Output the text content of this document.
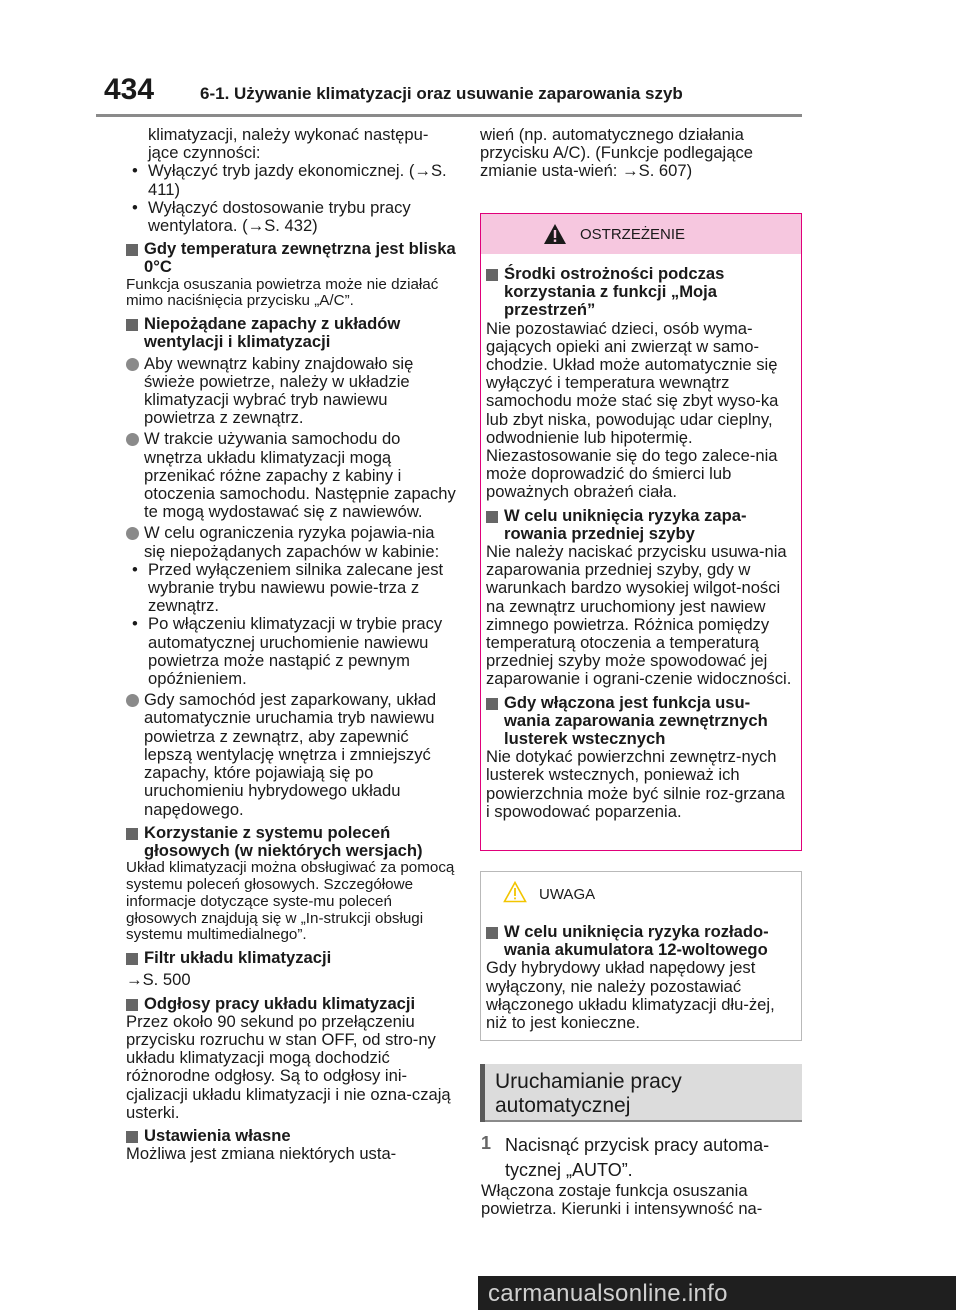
434	6-1. Używanie klimatyzacji oraz usuwanie zaparowania szyb

klimatyzacji, należy wykonać następu-jące czynności:

• Wyłączyć tryb jazdy ekonomicznej. (→S. 411)

• Wyłączyć dostosowanie trybu pracy wentylatora. (→S. 432)

Gdy temperatura zewnętrzna jest bliska 0°C

Funkcja osuszania powietrza może nie działać mimo naciśnięcia przycisku „A/C”.

Niepożądane zapachy z układów wentylacji i klimatyzacji

Aby wewnątrz kabiny znajdowało się świeże powietrze, należy w układzie klimatyzacji wybrać tryb nawiewu powietrza z zewnątrz.

W trakcie używania samochodu do wnętrza układu klimatyzacji mogą przenikać różne zapachy z kabiny i otoczenia samochodu. Następnie zapachy te mogą wydostawać się z nawiewów.

W celu ograniczenia ryzyka pojawia-nia się niepożądanych zapachów w kabinie:

• Przed wyłączeniem silnika zalecane jest wybranie trybu nawiewu powie-trza z zewnątrz.

• Po włączeniu klimatyzacji w trybie pracy automatycznej uruchomienie nawiewu powietrza może nastąpić z pewnym opóźnieniem.

Gdy samochód jest zaparkowany, układ automatycznie uruchamia tryb nawiewu powietrza z zewnątrz, aby zapewnić lepszą wentylację wnętrza i zmniejszyć zapachy, które pojawiają się po uruchomieniu hybrydowego układu napędowego.

Korzystanie z systemu poleceń głosowych (w niektórych wersjach)

Układ klimatyzacji można obsługiwać za pomocą systemu poleceń głosowych. Szczegółowe informacje dotyczące syste-mu poleceń głosowych znajdują się w „In-strukcji obsługi systemu multimedialnego”.

Filtr układu klimatyzacji

→S. 500

Odgłosy pracy układu klimatyzacji

Przez około 90 sekund po przełączeniu przycisku rozruchu w stan OFF, od stro-ny układu klimatyzacji mogą dochodzić różnorodne odgłosy. Są to odgłosy ini-cjalizacji układu klimatyzacji i nie ozna-czają usterki.

Ustawienia własne

Możliwa jest zmiana niektórych usta-

wień (np. automatycznego działania przycisku A/C). (Funkcje podlegające zmianie usta-wień: →S. 607)

OSTRZEŻENIE

Środki ostrożności podczas korzystania z funkcji „Moja przestrzeń”

Nie pozostawiać dzieci, osób wyma-gających opieki ani zwierząt w samo-chodzie. Układ może automatycznie się wyłączyć i temperatura wewnątrz samochodu może stać się zbyt wyso-ka lub zbyt niska, powodując udar cieplny, odwodnienie lub hipotermię. Niezastosowanie się do tego zalece-nia może doprowadzić do śmierci lub poważnych obrażeń ciała.

W celu uniknięcia ryzyka zapa-rowania przedniej szyby

Nie należy naciskać przycisku usuwa-nia zaparowania przedniej szyby, gdy w warunkach bardzo wysokiej wilgot-ności na zewnątrz uruchomiony jest nawiew zimnego powietrza. Różnica pomiędzy temperaturą otoczenia a temperaturą przedniej szyby może spowodować jej zaparowanie i ograni-czenie widoczności.

Gdy włączona jest funkcja usu-wania zaparowania zewnętrznych lusterek wstecznych

Nie dotykać powierzchni zewnętrz-nych lusterek wstecznych, ponieważ ich powierzchnia może być silnie roz-grzana i spowodować poparzenia.

UWAGA

W celu uniknięcia ryzyka rozłado-wania akumulatora 12-woltowego

Gdy hybrydowy układ napędowy jest wyłączony, nie należy pozostawiać włączonego układu klimatyzacji dłu-żej, niż to jest konieczne.

Uruchamianie pracy automatycznej
1 Nacisnąć przycisk pracy automa-tycznej „AUTO”.
Włączona zostaje funkcja osuszania powietrza. Kierunki i intensywność na-
carmanualsonline.info
